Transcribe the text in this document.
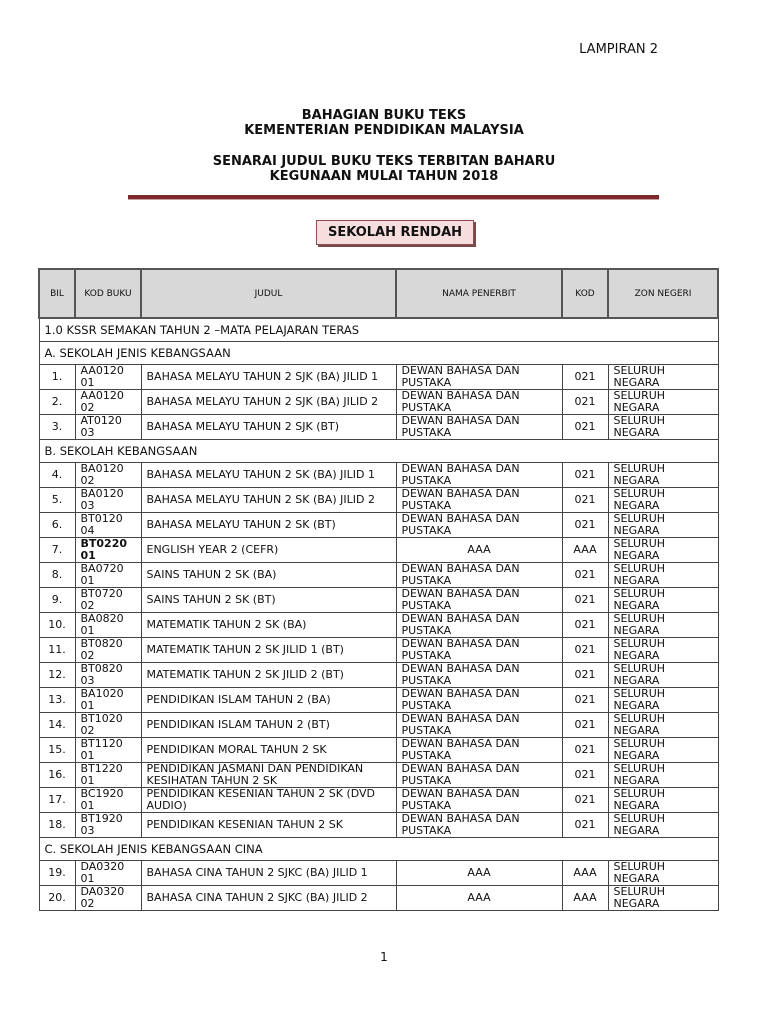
LAMPIRAN 2
BAHAGIAN BUKU TEKS
KEMENTERIAN PENDIDIKAN MALAYSIA
SENARAI JUDUL BUKU TEKS TERBITAN BAHARU
KEGUNAAN MULAI TAHUN 2018
SEKOLAH RENDAH
BIL	KOD BUKU	JUDUL	NAMA PENERBIT	KOD	ZON NEGERI
1.0 KSSR SEMAKAN TAHUN 2 –MATA PELAJARAN TERAS					
A. SEKOLAH JENIS KEBANGSAAN					
1.	AA0120 01	BAHASA MELAYU TAHUN 2 SJK (BA) JILID 1	DEWAN BAHASA DAN PUSTAKA	021	SELURUH NEGARA
2.	AA0120 02	BAHASA MELAYU TAHUN 2 SJK (BA) JILID 2	DEWAN BAHASA DAN PUSTAKA	021	SELURUH NEGARA
3.	AT0120 03	BAHASA MELAYU TAHUN 2 SJK (BT)	DEWAN BAHASA DAN PUSTAKA	021	SELURUH NEGARA
B. SEKOLAH KEBANGSAAN					
4.	BA0120 02	BAHASA MELAYU TAHUN 2 SK (BA) JILID 1	DEWAN BAHASA DAN PUSTAKA	021	SELURUH NEGARA
5.	BA0120 03	BAHASA MELAYU TAHUN 2 SK (BA) JILID 2	DEWAN BAHASA DAN PUSTAKA	021	SELURUH NEGARA
6.	BT0120 04	BAHASA MELAYU TAHUN 2 SK (BT)	DEWAN BAHASA DAN PUSTAKA	021	SELURUH NEGARA
7.	BT0220 01	ENGLISH YEAR 2 (CEFR)	AAA	AAA	SELURUH NEGARA
8.	BA0720 01	SAINS TAHUN 2 SK (BA)	DEWAN BAHASA DAN PUSTAKA	021	SELURUH NEGARA
9.	BT0720 02	SAINS TAHUN 2 SK (BT)	DEWAN BAHASA DAN PUSTAKA	021	SELURUH NEGARA
10.	BA0820 01	MATEMATIK TAHUN 2 SK (BA)	DEWAN BAHASA DAN PUSTAKA	021	SELURUH NEGARA
11.	BT0820 02	MATEMATIK TAHUN 2 SK JILID 1 (BT)	DEWAN BAHASA DAN PUSTAKA	021	SELURUH NEGARA
12.	BT0820 03	MATEMATIK TAHUN 2 SK JILID 2 (BT)	DEWAN BAHASA DAN PUSTAKA	021	SELURUH NEGARA
13.	BA1020 01	PENDIDIKAN ISLAM TAHUN 2 (BA)	DEWAN BAHASA DAN PUSTAKA	021	SELURUH NEGARA
14.	BT1020 02	PENDIDIKAN ISLAM TAHUN 2 (BT)	DEWAN BAHASA DAN PUSTAKA	021	SELURUH NEGARA
15.	BT1120 01	PENDIDIKAN MORAL TAHUN 2 SK	DEWAN BAHASA DAN PUSTAKA	021	SELURUH NEGARA
16.	BT1220 01	PENDIDIKAN JASMANI DAN PENDIDIKAN KESIHATAN TAHUN 2 SK	DEWAN BAHASA DAN PUSTAKA	021	SELURUH NEGARA
17.	BC1920 01	PENDIDIKAN KESENIAN TAHUN 2 SK (DVD AUDIO)	DEWAN BAHASA DAN PUSTAKA	021	SELURUH NEGARA
18.	BT1920 03	PENDIDIKAN KESENIAN TAHUN 2 SK	DEWAN BAHASA DAN PUSTAKA	021	SELURUH NEGARA
C. SEKOLAH JENIS KEBANGSAAN CINA					
19.	DA0320 01	BAHASA CINA TAHUN 2 SJKC (BA) JILID 1	AAA	AAA	SELURUH NEGARA
20.	DA0320 02	BAHASA CINA TAHUN 2 SJKC (BA) JILID 2	AAA	AAA	SELURUH NEGARA
1
